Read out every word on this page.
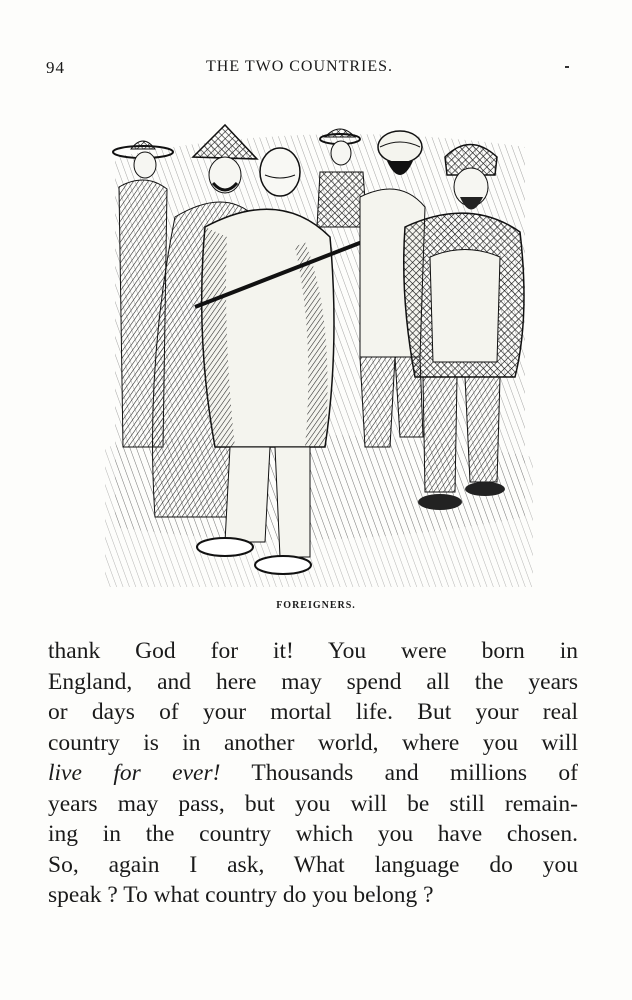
94	THE TWO COUNTRIES.
FOREIGNERS.
thank God for it! You were born in
England, and here may spend all the years
or days of your mortal life. But your real
country is in another world, where you will
live for ever! Thousands and millions of
years may pass, but you will be still remain-
ing in the country which you have chosen.
So, again I ask, What language do you
speak ? To what country do you belong ?
